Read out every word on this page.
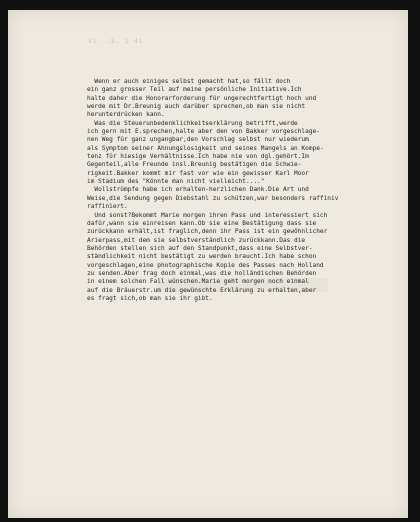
Vi. .S. 1 41
Wenn er auch einiges selbst gemacht hat,so fällt doch
ein ganz grosser Teil auf meine persönliche Initiative.Ich
halte daher die Honorarforderung für ungerechtfertigt hoch und
werde mit Dr.Breunig auch darüber sprechen,ob man sie nicht
herunterdrücken kann.
Was die Steuerunbedenklichkeitserklärung betrifft,werde
ich gern mit E.sprechen,halte aber den von Bakker vorgeschlage-
nen Weg für ganz ungangbar,den Vorschlag selbst nur wiederum
als Symptom seiner Ahnungslosigkeit und seines Mangels an Kompe-
tenz für hiesige Verhältnisse.Ich habe nie von dgl.gehört.Im
Gegenteil,alle Freunde insl.Breunig bestätigen die Schwie-
rigkeit.Bakker kommt mir fast vor wie ein gewisser Karl Moor
im Stadium des "Könnte man nicht vielleicht...."
Wollstrümpfe habe ich erhalten-herzlichen Dank.Die Art und
Weise,die Sendung gegen Diebstahl zu schützen,war besonders raffiniv
raffiniert.
Und sonst?Bekommt Marie morgen ihren Pass und interessiert sich
dafür,wann sie einreisen kann.Ob sie eine Bestätigung dass sie
zurückkann erhält,ist fraglich,denn ihr Pass ist ein gewöhnlicher
Arierpass,mit dem sie selbstverständlich zurückkann.Das die
Behörden stellen sich auf den Standpunkt,dass eine Selbstver-
ständlichkeit nicht bestätigt zu werden braucht.Ich habe schon
vorgeschlagen,eine photographische Kopie des Passes nach Holland
zu senden.Aber frag doch einmal,was die holländischen Behörden
in einem solchen Fall wünschen.Marie geht morgen noch einmal
auf die Bräuerstr.um die gewünschte Erklärung zu erhalten,aber
es fragt sich,ob man sie ihr gibt.
